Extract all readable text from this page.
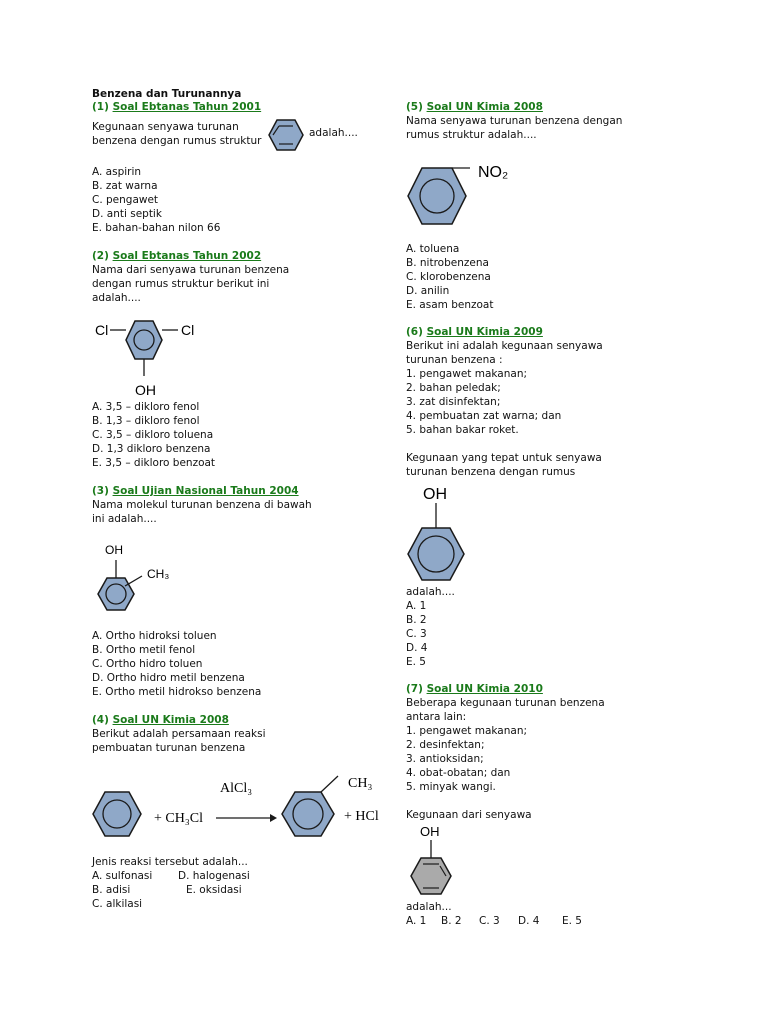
Benzena dan Turunannya
(1) Soal Ebtanas Tahun 2001
Kegunaan senyawa turunan
benzena dengan rumus struktur
adalah....
A. aspirin
B. zat warna
C. pengawet
D. anti septik
E. bahan-bahan nilon 66
(2) Soal Ebtanas Tahun 2002
Nama dari senyawa turunan benzena
dengan rumus struktur berikut ini
adalah....
Cl	Cl
OH
A. 3,5 – dikloro fenol
B. 1,3 – dikloro fenol
C. 3,5 – dikloro toluena
D. 1,3 dikloro benzena
E. 3,5 – dikloro benzoat
(3) Soal Ujian Nasional Tahun 2004
Nama molekul turunan benzena di bawah
ini adalah....
OH
CH₃
A. Ortho hidroksi toluen
B. Ortho metil fenol
C. Ortho hidro toluen
D. Ortho hidro metil benzena
E. Ortho metil hidrokso benzena
(4) Soal UN Kimia 2008
Berikut adalah persamaan reaksi
pembuatan turunan benzena
+ CH₃Cl
AlCl₃	CH₃
+ HCl
Jenis reaksi tersebut adalah...
A. sulfonasi D. halogenasi
B. adisi	E. oksidasi
C. alkilasi
(5) Soal UN Kimia 2008
Nama senyawa turunan benzena dengan
rumus struktur adalah....
NO₂
A. toluena
B. nitrobenzena
C. klorobenzena
D. anilin
E. asam benzoat
(6) Soal UN Kimia 2009
Berikut ini adalah kegunaan senyawa
turunan benzena :
1. pengawet makanan;
2. bahan peledak;
3. zat disinfektan;
4. pembuatan zat warna; dan
5. bahan bakar roket.
Kegunaan yang tepat untuk senyawa
turunan benzena dengan rumus
OH
adalah....
A. 1
B. 2
C. 3
D. 4
E. 5
(7) Soal UN Kimia 2010
Beberapa kegunaan turunan benzena
antara lain:
1. pengawet makanan;
2. desinfektan;
3. antioksidan;
4. obat-obatan; dan
5. minyak wangi.
Kegunaan dari senyawa
OH
adalah...
A. 1 B. 2 C. 3 D. 4 E. 5
